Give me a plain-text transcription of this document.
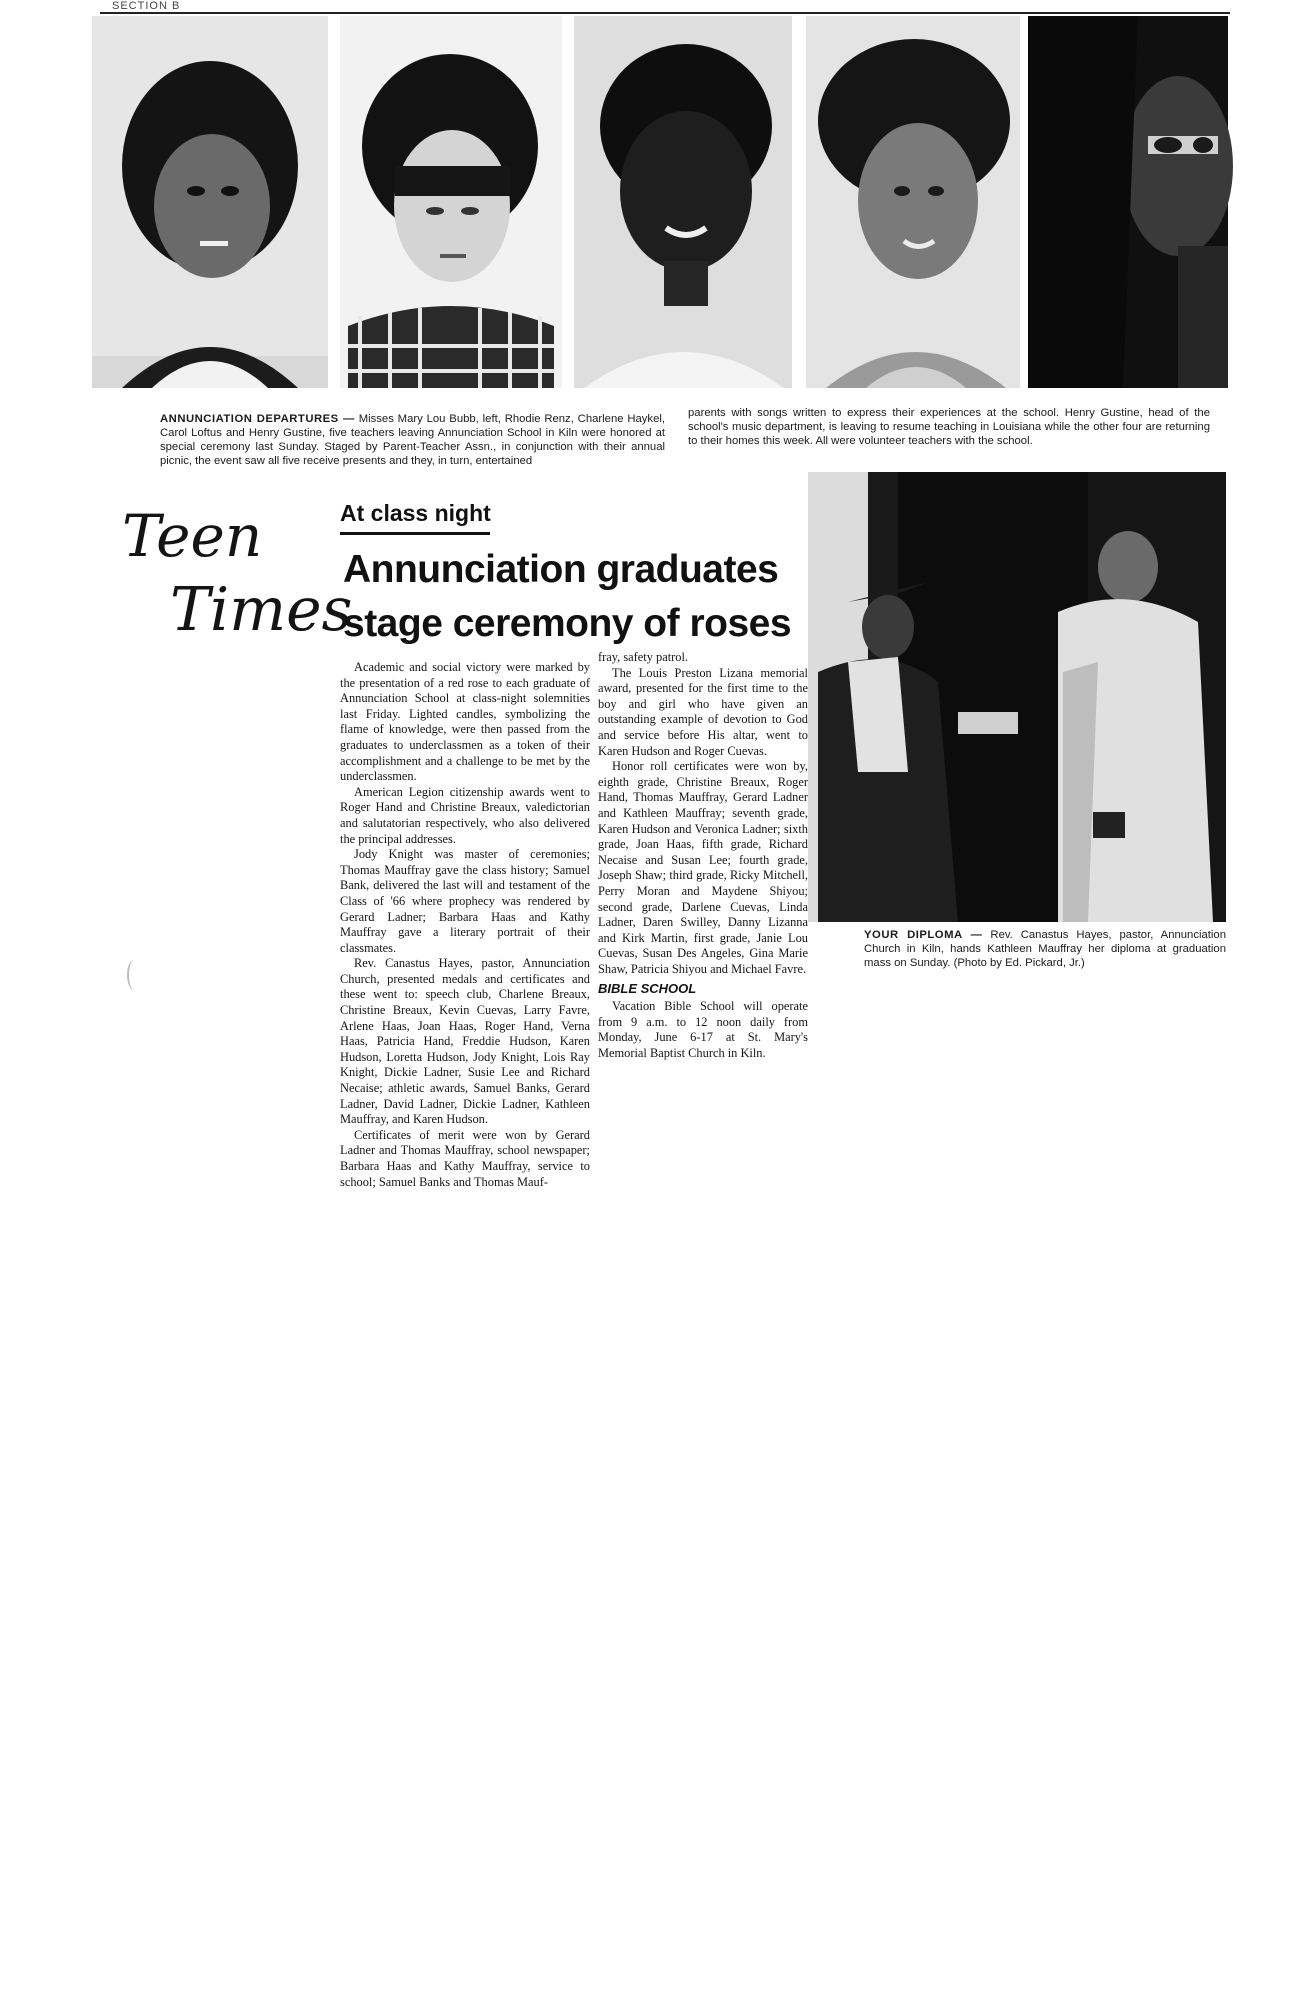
SECTION B
ANNUNCIATION DEPARTURES — Misses Mary Lou Bubb, left, Rhodie Renz, Charlene Haykel, Carol Loftus and Henry Gustine, five teachers leaving Annunciation School in Kiln were honored at special ceremony last Sunday. Staged by Parent-Teacher Assn., in conjunction with their annual picnic, the event saw all five receive presents and they, in turn, entertained
parents with songs written to express their experiences at the school. Henry Gustine, head of the school's music department, is leaving to resume teaching in Louisiana while the other four are returning to their homes this week. All were volunteer teachers with the school.
Teen
Times
At class night
Annunciation graduates stage ceremony of roses

Academic and social victory were marked by the presentation of a red rose to each graduate of Annunciation School at class-night solemnities last Friday. Lighted candles, symbolizing the flame of knowledge, were then passed from the graduates to underclassmen as a token of their accomplishment and a challenge to be met by the underclassmen.

American Legion citizenship awards went to Roger Hand and Christine Breaux, valedictorian and salutatorian respectively, who also delivered the principal addresses.

Jody Knight was master of ceremonies; Thomas Mauffray gave the class history; Samuel Bank, delivered the last will and testament of the Class of '66 where prophecy was rendered by Gerard Ladner; Barbara Haas and Kathy Mauffray gave a literary portrait of their classmates.

Rev. Canastus Hayes, pastor, Annunciation Church, presented medals and certificates and these went to: speech club, Charlene Breaux, Christine Breaux, Kevin Cuevas, Larry Favre, Arlene Haas, Joan Haas, Roger Hand, Verna Haas, Patricia Hand, Freddie Hudson, Karen Hudson, Loretta Hudson, Jody Knight, Lois Ray Knight, Dickie Ladner, Susie Lee and Richard Necaise; athletic awards, Samuel Banks, Gerard Ladner, David Ladner, Dickie Ladner, Kathleen Mauffray, and Karen Hudson.

Certificates of merit were won by Gerard Ladner and Thomas Mauffray, school newspaper; Barbara Haas and Kathy Mauffray, service to school; Samuel Banks and Thomas Mauf-

fray, safety patrol.

The Louis Preston Lizana memorial award, presented for the first time to the boy and girl who have given an outstanding example of devotion to God and service before His altar, went to Karen Hudson and Roger Cuevas.

Honor roll certificates were won by, eighth grade, Christine Breaux, Roger Hand, Thomas Mauffray, Gerard Ladner and Kathleen Mauffray; seventh grade, Karen Hudson and Veronica Ladner; sixth grade, Joan Haas, fifth grade, Richard Necaise and Susan Lee; fourth grade, Joseph Shaw; third grade, Ricky Mitchell, Perry Moran and Maydene Shiyou; second grade, Darlene Cuevas, Linda Ladner, Daren Swilley, Danny Lizanna and Kirk Martin, first grade, Janie Lou Cuevas, Susan Des Angeles, Gina Marie Shaw, Patricia Shiyou and Michael Favre.

BIBLE SCHOOL

Vacation Bible School will operate from 9 a.m. to 12 noon daily from Monday, June 6-17 at St. Mary's Memorial Baptist Church in Kiln.

YOUR DIPLOMA — Rev. Canastus Hayes, pastor, Annunciation Church in Kiln, hands Kathleen Mauffray her diploma at graduation mass on Sunday. (Photo by Ed. Pickard, Jr.)
